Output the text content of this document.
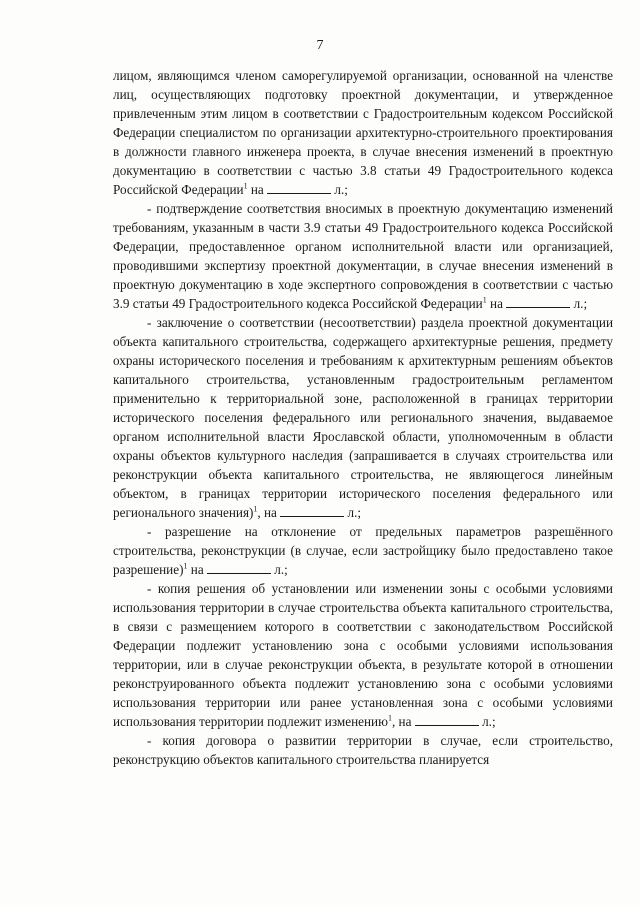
7

лицом, являющимся членом саморегулируемой организации, основанной на членстве лиц, осуществляющих подготовку проектной документации, и утвержденное привлеченным этим лицом в соответствии с Градостроительным кодексом Российской Федерации специалистом по организации архитектурно-строительного проектирования в должности главного инженера проекта, в случае внесения изменений в проектную документацию в соответствии с частью 3.8 статьи 49 Градостроительного кодекса Российской Федерации$^1$ на	л.;

- подтверждение соответствия вносимых в проектную документацию изменений требованиям, указанным в части 3.9 статьи 49 Градостроительного кодекса Российской Федерации, предоставленное органом исполнительной власти или организацией, проводившими экспертизу проектной документации, в случае внесения изменений в проектную документацию в ходе экспертного сопровождения в соответствии с частью 3.9 статьи 49 Градостроительного кодекса Российской Федерации$^1$ на	л.;

- заключение о соответствии (несоответствии) раздела проектной документации объекта капитального строительства, содержащего архитектурные решения, предмету охраны исторического поселения и требованиям к архитектурным решениям объектов капитального строительства, установленным градостроительным регламентом применительно к территориальной зоне, расположенной в границах территории исторического поселения федерального или регионального значения, выдаваемое органом исполнительной власти Ярославской области, уполномоченным в области охраны объектов культурного наследия (запрашивается в случаях строительства или реконструкции объекта капитального строительства, не являющегося линейным объектом, в границах территории исторического поселения федерального или регионального значения)$^1$, на	л.;

- разрешение на отклонение от предельных параметров разрешённого строительства, реконструкции (в случае, если застройщику было предоставлено такое разрешение)$^1$ на	л.;

- копия решения об установлении или изменении зоны с особыми условиями использования территории в случае строительства объекта капитального строительства, в связи с размещением которого в соответствии с законодательством Российской Федерации подлежит установлению зона с особыми условиями использования территории, или в случае реконструкции объекта, в результате которой в отношении реконструированного объекта подлежит установлению зона с особыми условиями использования территории или ранее установленная зона с особыми условиями использования территории подлежит изменению$^1$, на	л.;

- копия договора о развитии территории в случае, если строительство, реконструкцию объектов капитального строительства планируется
